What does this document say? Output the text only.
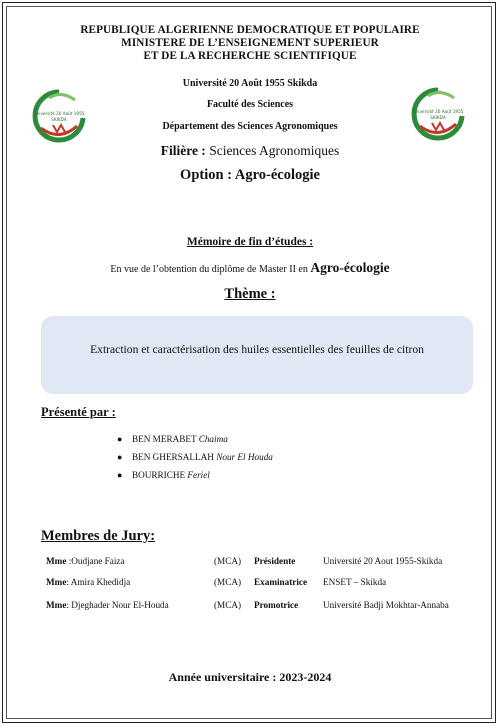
REPUBLIQUE ALGERIENNE DEMOCRATIQUE ET POPULAIRE
MINISTERE DE L’ENSEIGNEMENT SUPERIEUR
ET DE LA RECHERCHE SCIENTIFIQUE
Université 20 Août 1955
SKIKDA
Université 20 Août 1955
SKIKDA
Université 20 Août 1955 Skikda
Faculté des Sciences
Département des Sciences Agronomiques
Filière : Sciences Agronomiques
Option : Agro-écologie
Mémoire de fin d’études :
En vue de l’obtention du diplôme de Master II en Agro-écologie
Thème :
Extraction et caractérisation des huiles essentielles des feuilles de citron
Présenté par :
● BEN MERABET Chaima
● BEN GHERSALLAH Nour El Houda
● BOURRICHE Feriel
Membres de Jury:
Mme :Oudjane Faiza	(MCA) Présidente	Université 20 Aout 1955-Skikda
Mme: Amira Khedidja	(MCA) Examinatrice ENSET – Skikda
Mme: Djeghader Nour El-Houda	(MCA) Promotrice	Université Badji Mokhtar-Annaba
Année universitaire : 2023-2024
